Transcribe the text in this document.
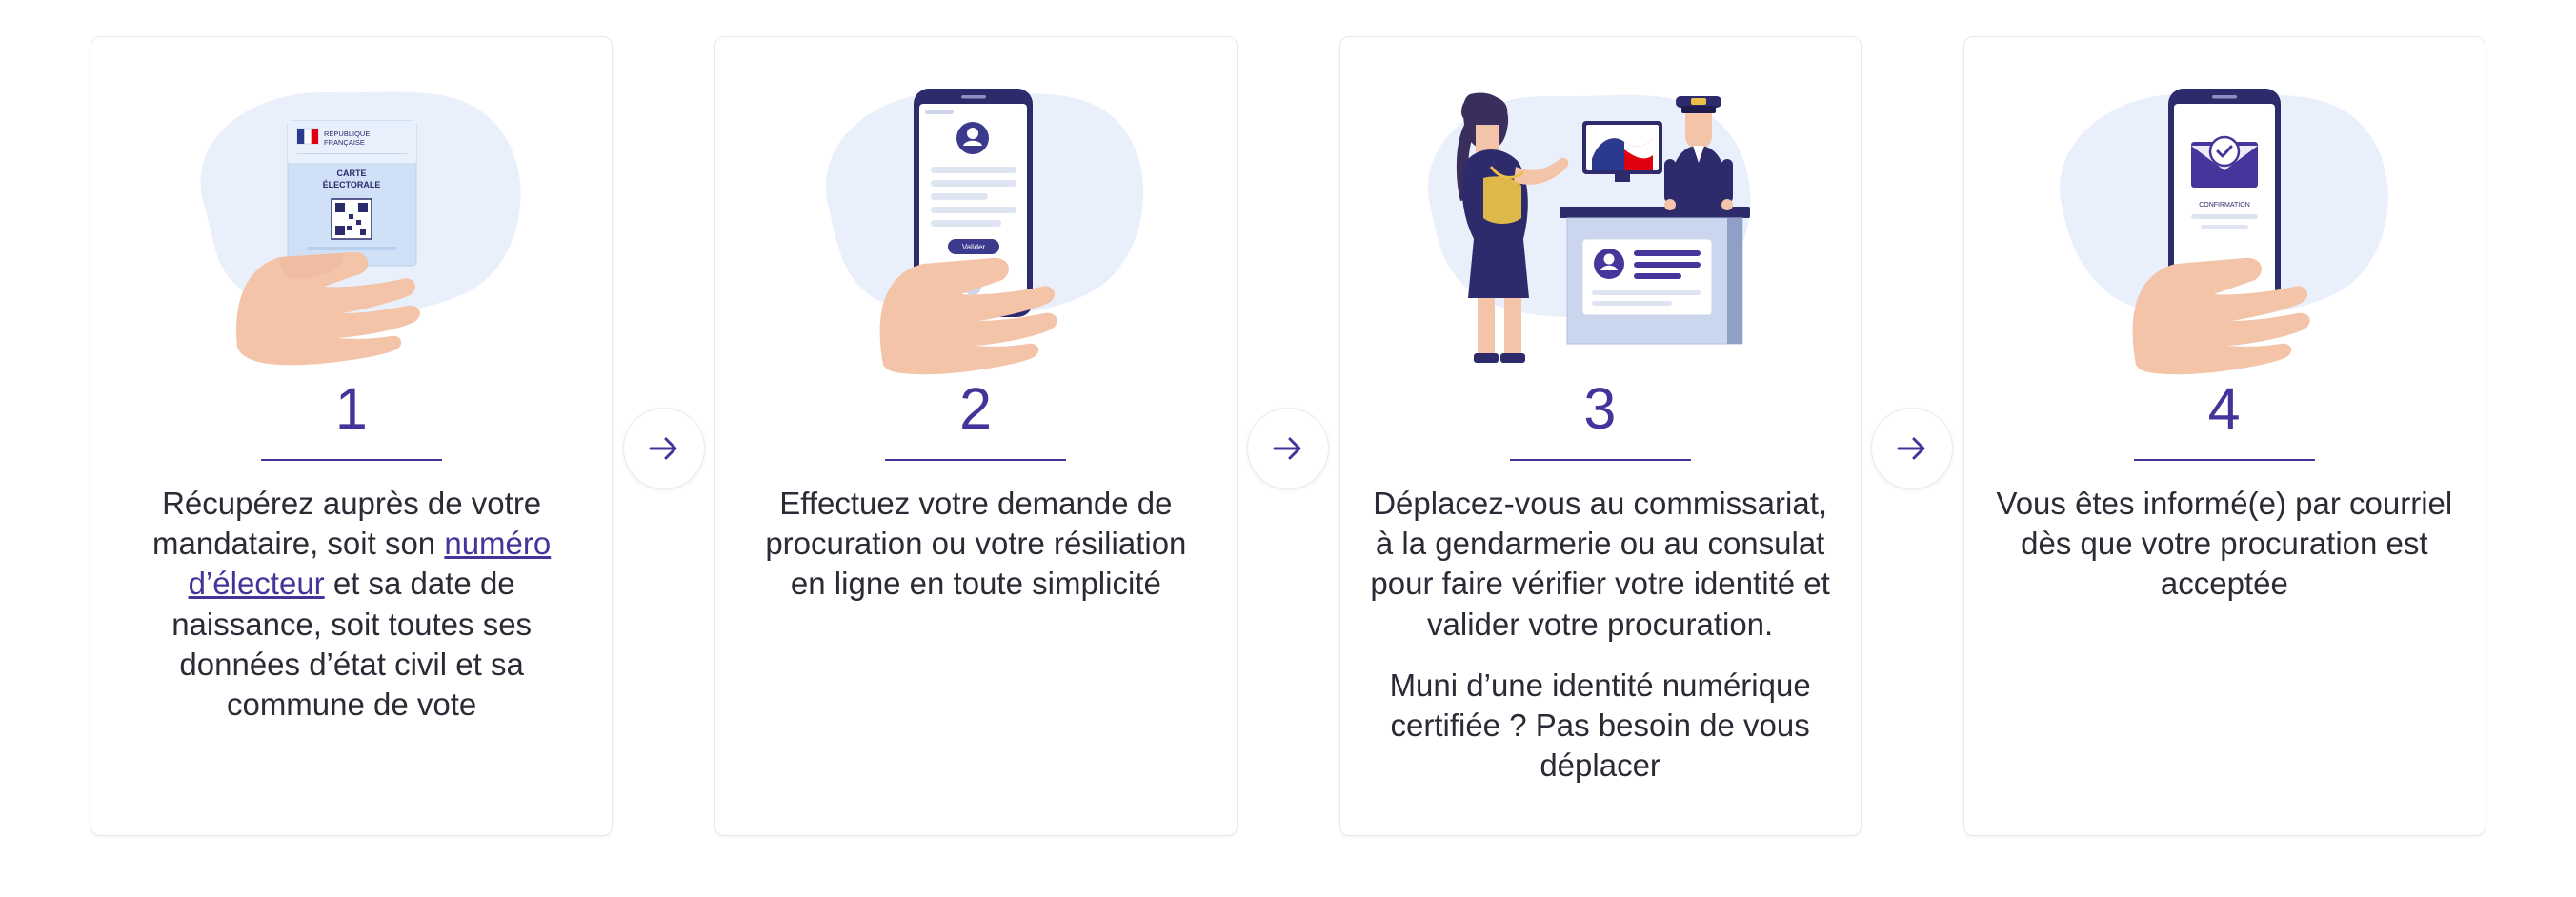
RÉPUBLIQUE
FRANÇAISE
CARTE
ÉLECTORALE
1

Récupérez auprès de votre mandataire, soit son numéro d’électeur et sa date de naissance, soit toutes ses données d’état civil et sa commune de vote

Valider
2

Effectuez votre demande de procuration ou votre résiliation en ligne en toute simplicité

3

Déplacez-vous au commissariat, à la gendarmerie ou au consulat pour faire vérifier votre identité et valider votre procuration.

Muni d’une identité numérique certifiée ? Pas besoin de vous déplacer

CONFIRMATION
4

Vous êtes informé(e) par courriel dès que votre procuration est acceptée
